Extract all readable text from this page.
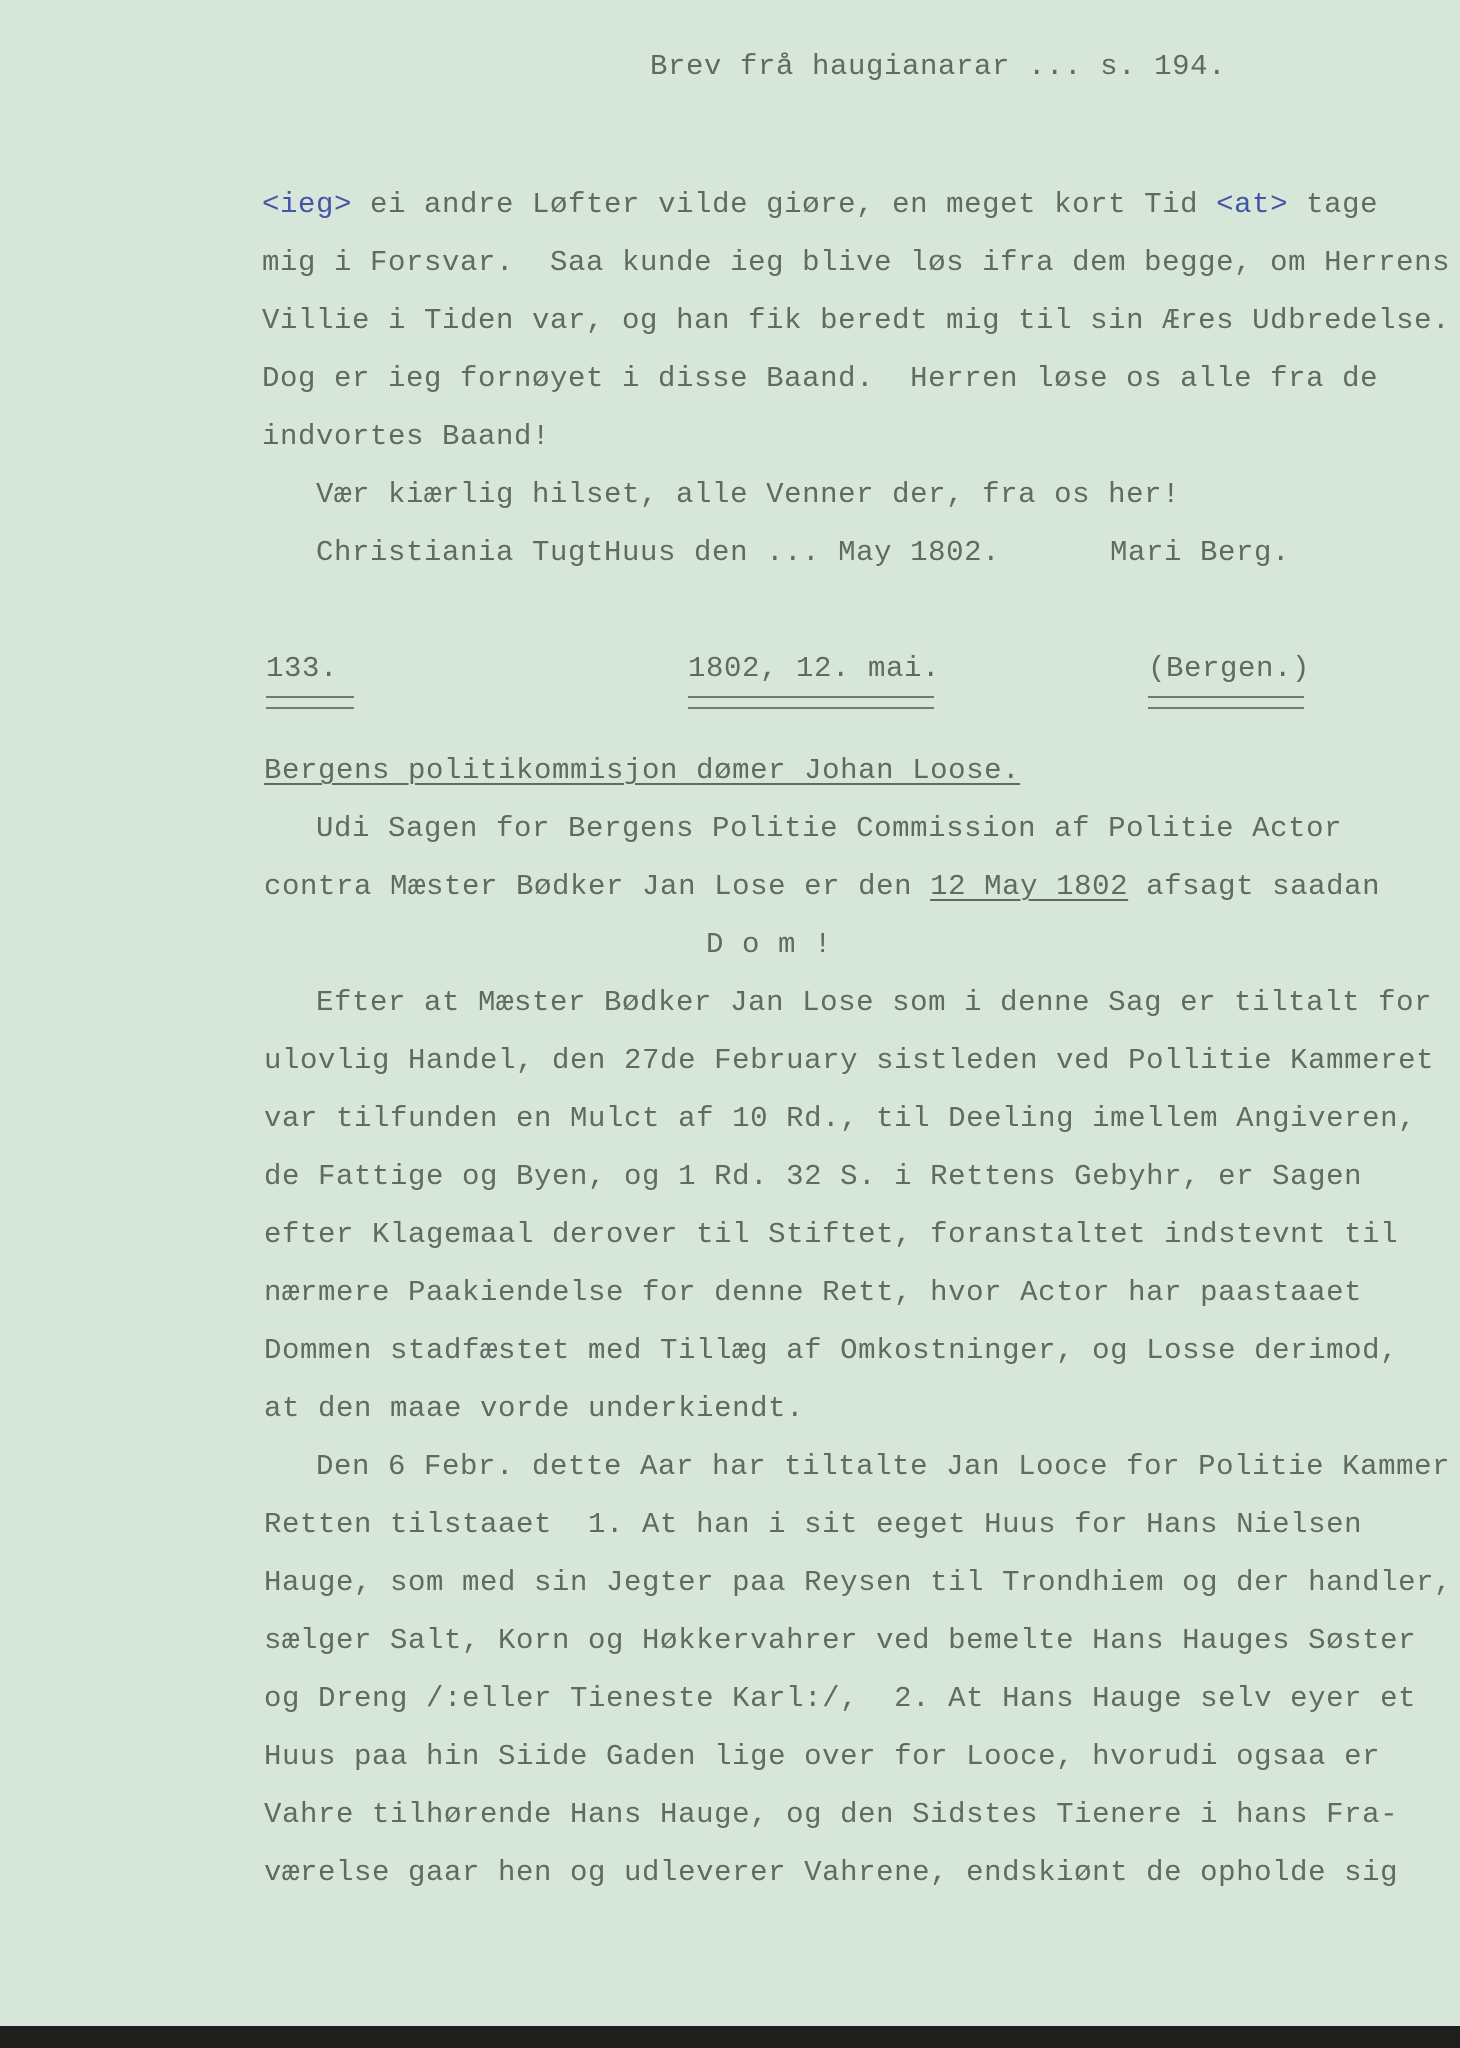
Brev frå haugianarar ... s. 194.
<ieg> ei andre Løfter vilde giøre, en meget kort Tid <at> tage
mig i Forsvar.  Saa kunde ieg blive løs ifra dem begge, om Herrens
Villie i Tiden var, og han fik beredt mig til sin Æres Udbredelse.
Dog er ieg fornøyet i disse Baand.  Herren løse os alle fra de
indvortes Baand!
Vær kiærlig hilset, alle Venner der, fra os her!
Christiania TugtHuus den ... May 1802.	Mari Berg.
133.	1802, 12. mai.	(Bergen.)
Bergens politikommisjon dømer Johan Loose.
Udi Sagen for Bergens Politie Commission af Politie Actor
contra Mæster Bødker Jan Lose er den 12 May 1802 afsagt saadan
D o m !
Efter at Mæster Bødker Jan Lose som i denne Sag er tiltalt for
ulovlig Handel, den 27de February sistleden ved Pollitie Kammeret
var tilfunden en Mulct af 10 Rd., til Deeling imellem Angiveren,
de Fattige og Byen, og 1 Rd. 32 S. i Rettens Gebyhr, er Sagen
efter Klagemaal derover til Stiftet, foranstaltet indstevnt til
nærmere Paakiendelse for denne Rett, hvor Actor har paastaaet
Dommen stadfæstet med Tillæg af Omkostninger, og Losse derimod,
at den maae vorde underkiendt.
Den 6 Febr. dette Aar har tiltalte Jan Looce for Politie Kammer
Retten tilstaaet  1. At han i sit eeget Huus for Hans Nielsen
Hauge, som med sin Jegter paa Reysen til Trondhiem og der handler,
sælger Salt, Korn og Høkkervahrer ved bemelte Hans Hauges Søster
og Dreng /:eller Tieneste Karl:/,  2. At Hans Hauge selv eyer et
Huus paa hin Siide Gaden lige over for Looce, hvorudi ogsaa er
Vahre tilhørende Hans Hauge, og den Sidstes Tienere i hans Fra-
værelse gaar hen og udleverer Vahrene, endskiønt de opholde sig
